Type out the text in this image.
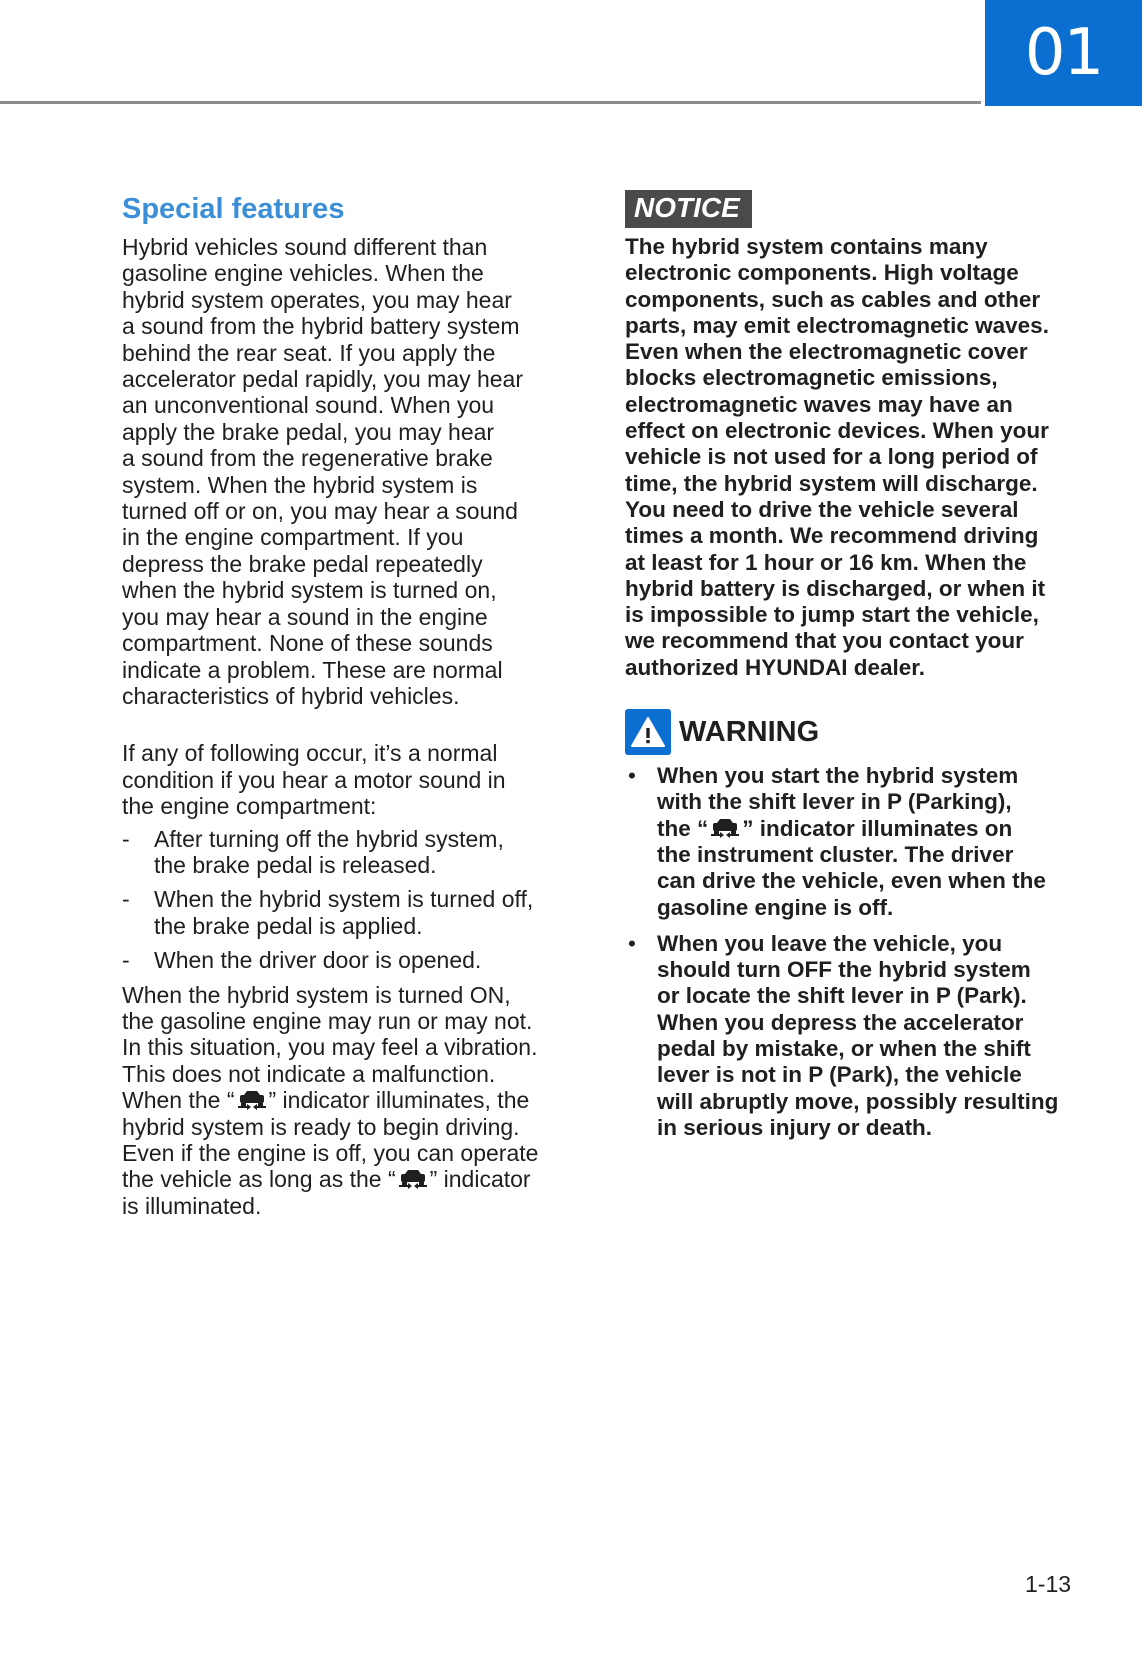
01
Special features

Hybrid vehicles sound different than
gasoline engine vehicles. When the
hybrid system operates, you may hear
a sound from the hybrid battery system
behind the rear seat. If you apply the
accelerator pedal rapidly, you may hear
an unconventional sound. When you
apply the brake pedal, you may hear
a sound from the regenerative brake
system. When the hybrid system is
turned off or on, you may hear a sound
in the engine compartment. If you
depress the brake pedal repeatedly
when the hybrid system is turned on,
you may hear a sound in the engine
compartment. None of these sounds
indicate a problem. These are normal
characteristics of hybrid vehicles.

If any of following occur, it’s a normal
condition if you hear a motor sound in
the engine compartment:

- After turning off the hybrid system,
the brake pedal is released.
- When the hybrid system is turned off,
the brake pedal is applied.
- When the driver door is opened.

When the hybrid system is turned ON,
the gasoline engine may run or may not.
In this situation, you may feel a vibration.
This does not indicate a malfunction.

When the “ ” indicator illuminates, the
hybrid system is ready to begin driving.
Even if the engine is off, you can operate
the vehicle as long as the “ ” indicator
is illuminated.

NOTICE

The hybrid system contains many
electronic components. High voltage
components, such as cables and other
parts, may emit electromagnetic waves.
Even when the electromagnetic cover
blocks electromagnetic emissions,
electromagnetic waves may have an
effect on electronic devices. When your
vehicle is not used for a long period of
time, the hybrid system will discharge.
You need to drive the vehicle several
times a month. We recommend driving
at least for 1 hour or 16 km. When the
hybrid battery is discharged, or when it
is impossible to jump start the vehicle,
we recommend that you contact your
authorized HYUNDAI dealer.

WARNING
• When you start the hybrid system
with the shift lever in P (Parking),
the “ ” indicator illuminates on
the instrument cluster. The driver
can drive the vehicle, even when the
gasoline engine is off.
• When you leave the vehicle, you
should turn OFF the hybrid system
or locate the shift lever in P (Park).
When you depress the accelerator
pedal by mistake, or when the shift
lever is not in P (Park), the vehicle
will abruptly move, possibly resulting
in serious injury or death.
1-13
